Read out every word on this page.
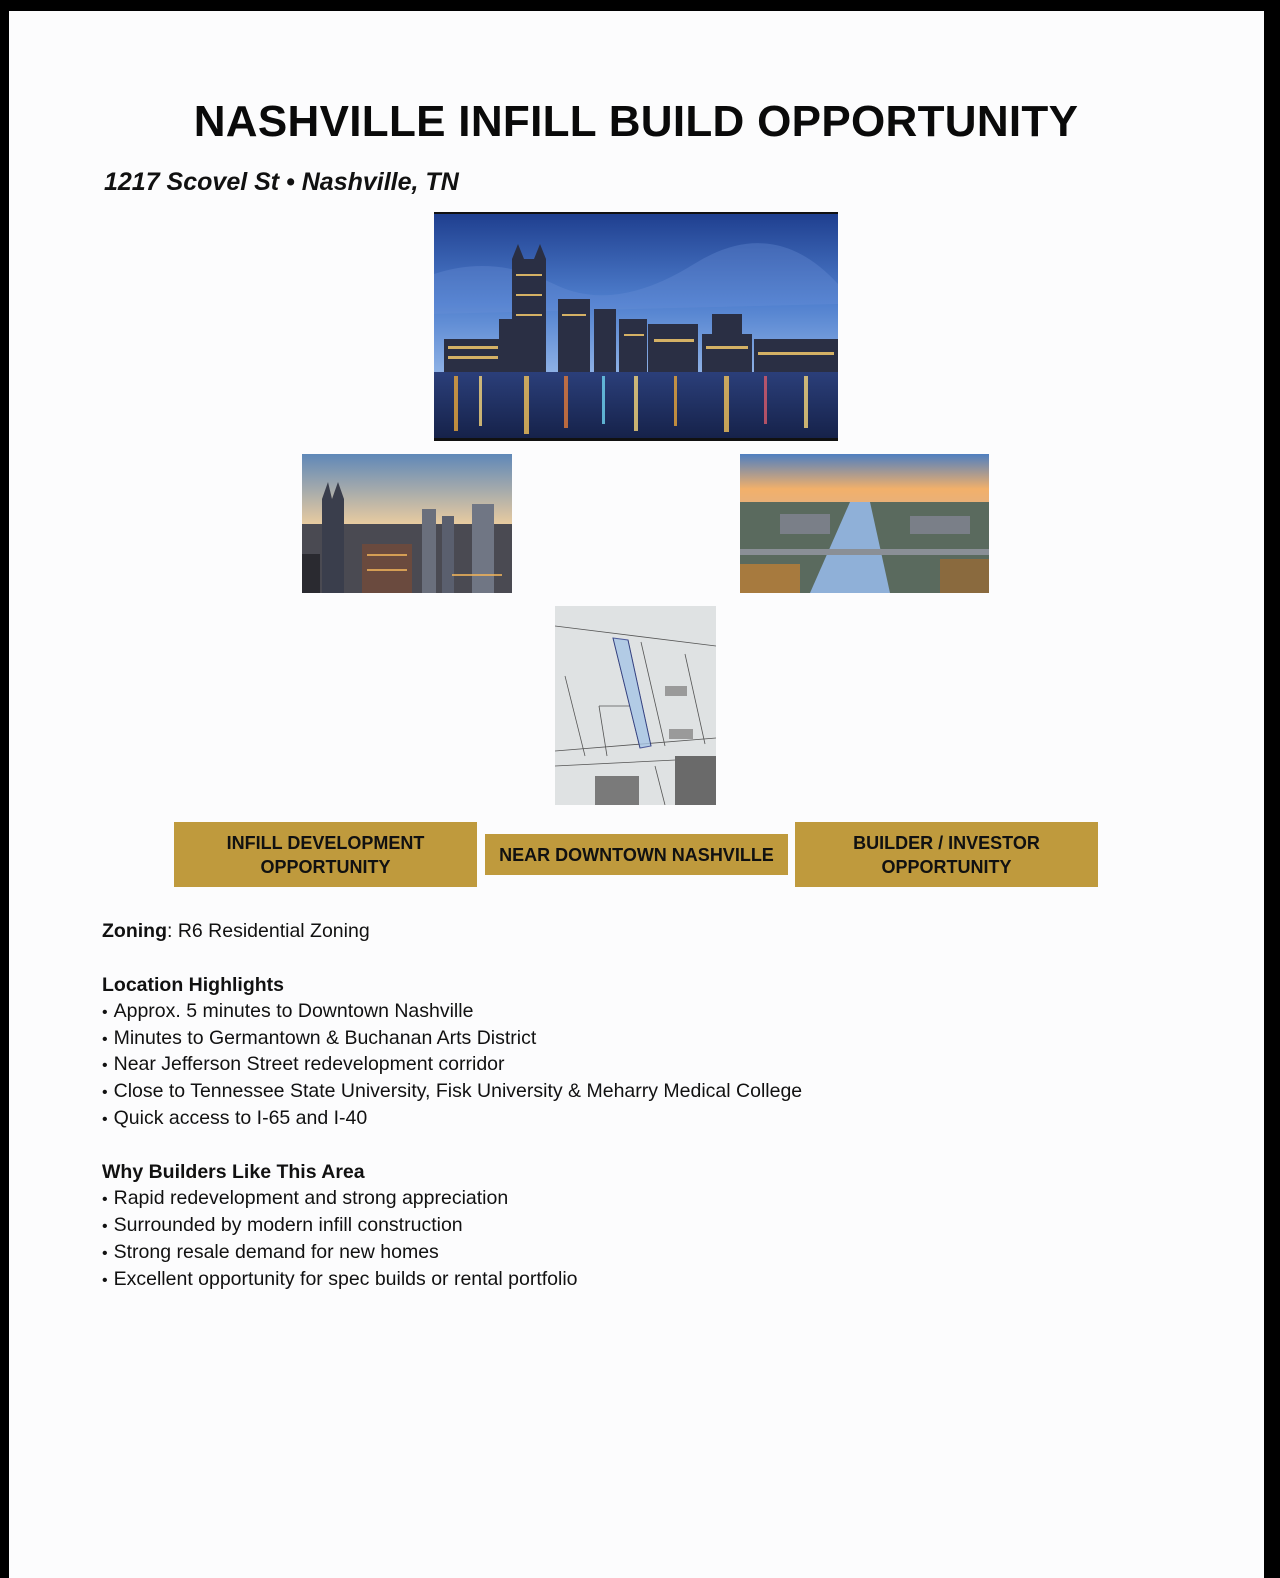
NASHVILLE INFILL BUILD OPPORTUNITY
1217 Scovel St • Nashville, TN
INFILL DEVELOPMENT OPPORTUNITY
NEAR DOWNTOWN NASHVILLE
BUILDER / INVESTOR OPPORTUNITY

Zoning: R6 Residential Zoning

Location Highlights
• Approx. 5 minutes to Downtown Nashville
• Minutes to Germantown & Buchanan Arts District
• Near Jefferson Street redevelopment corridor
• Close to Tennessee State University, Fisk University & Meharry Medical College
• Quick access to I-65 and I-40
Why Builders Like This Area
• Rapid redevelopment and strong appreciation
• Surrounded by modern infill construction
• Strong resale demand for new homes
• Excellent opportunity for spec builds or rental portfolio
